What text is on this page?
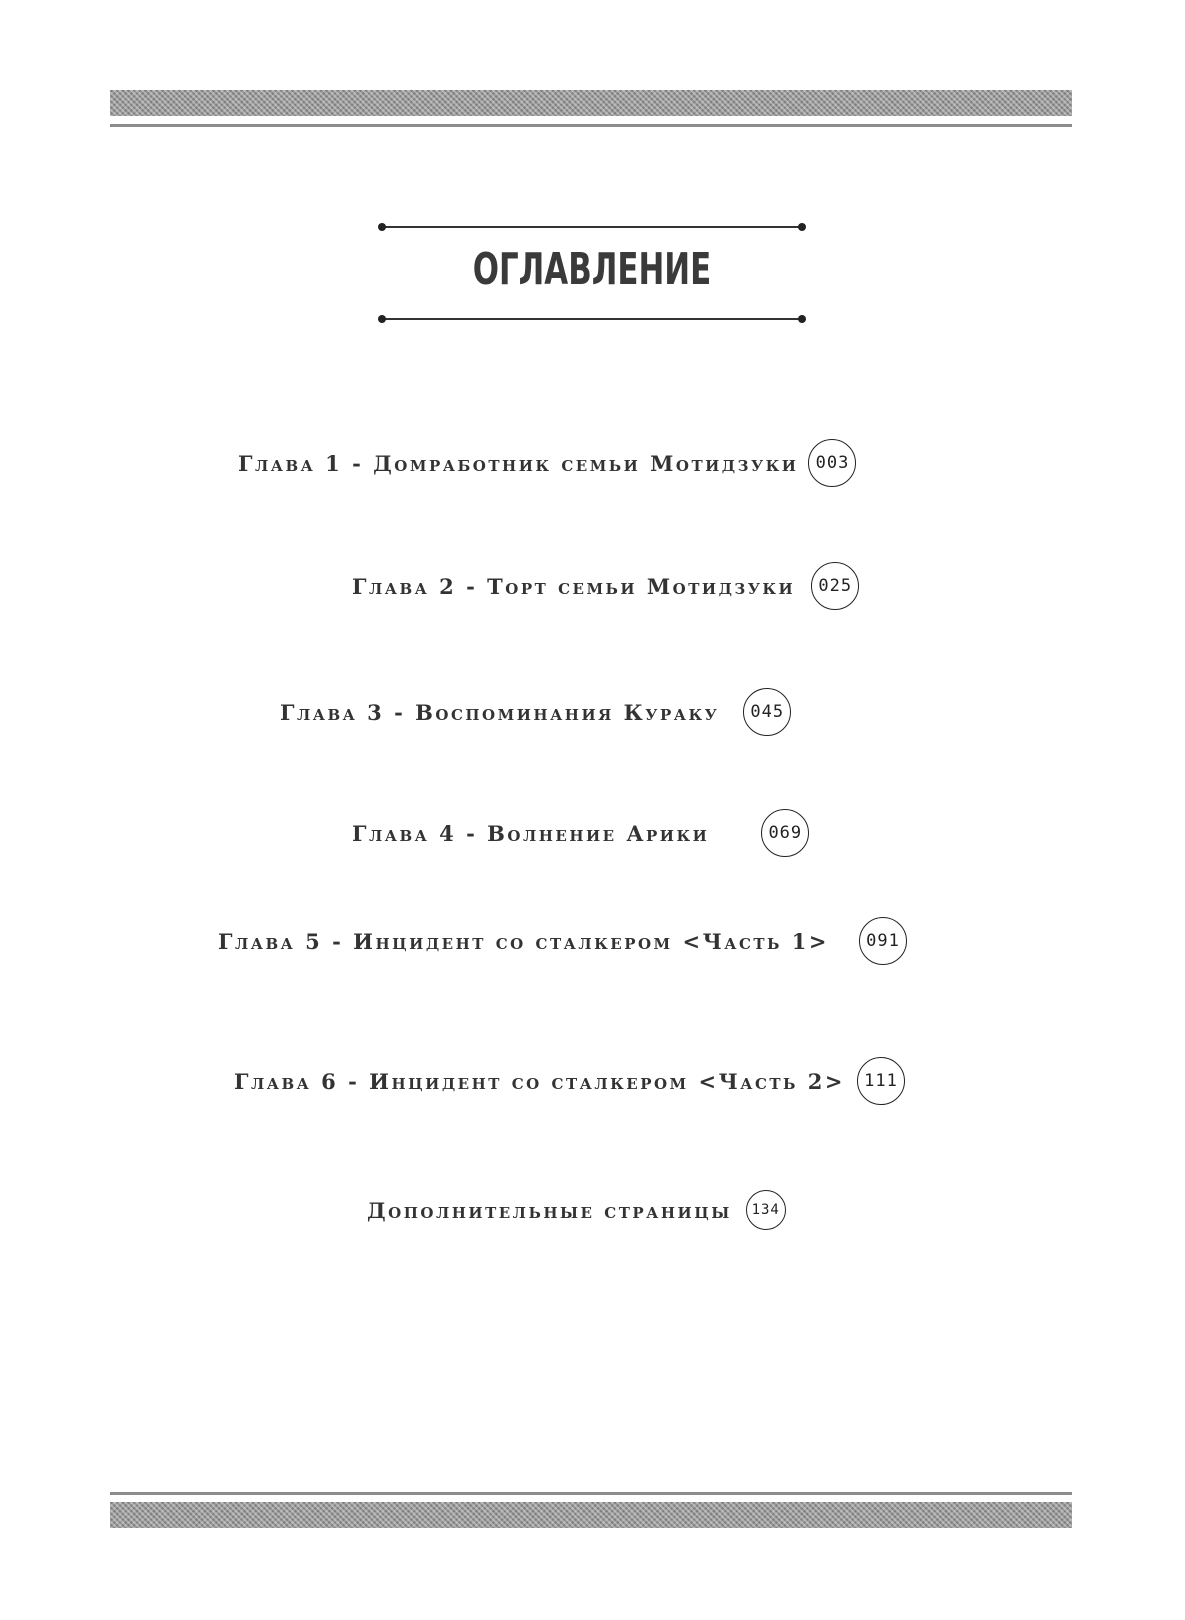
ОГЛАВЛЕНИЕ
Глава 1 - Домработник семьи Мотидзуки	003
Глава 2 - Торт семьи Мотидзуки	025
Глава 3 - Воспоминания Кураку	045
Глава 4 - Волнение Арики	069
Глава 5 - Инцидент со сталкером <Часть 1>	091
Глава 6 - Инцидент со сталкером <Часть 2>	111
Дополнительные страницы	134
